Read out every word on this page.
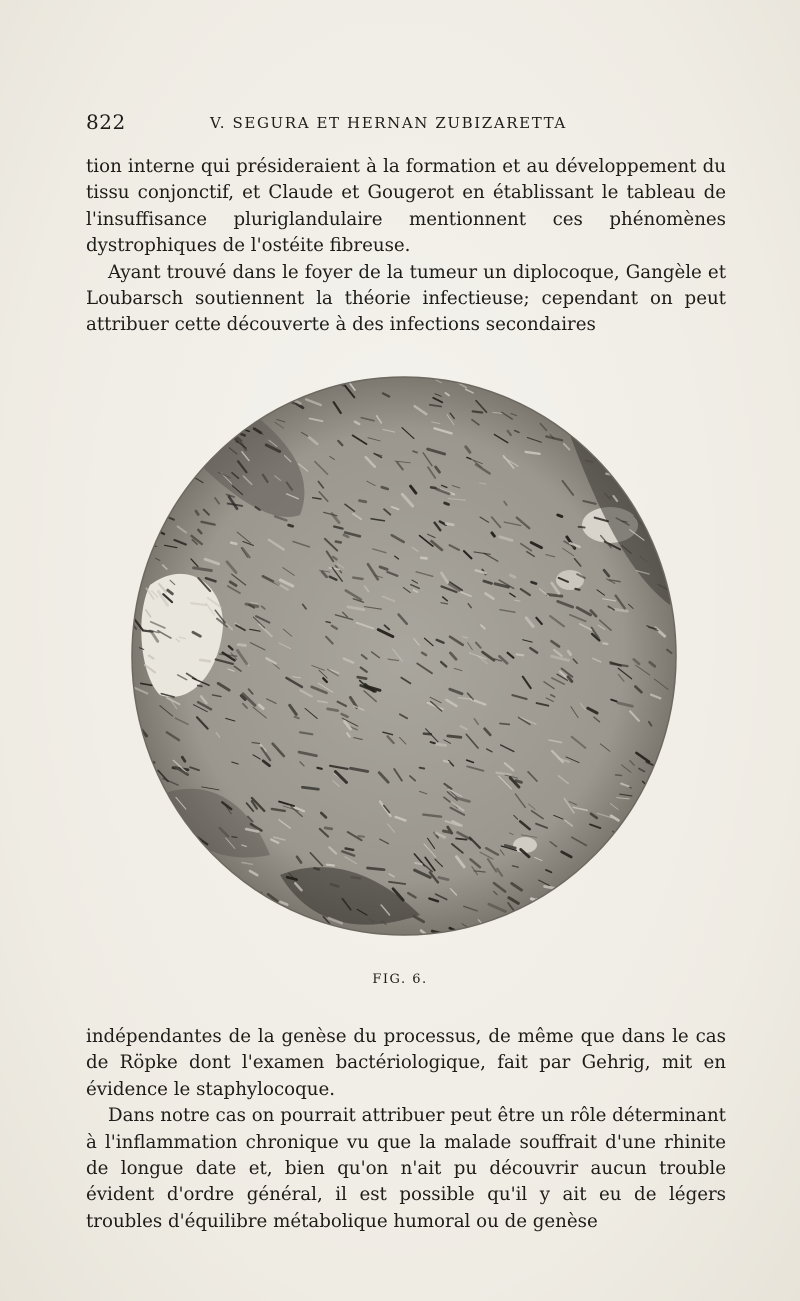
822	V. SEGURA ET HERNAN ZUBIZARETTA

tion interne qui présideraient à la formation et au développement du tissu conjonctif, et Claude et Gougerot en établissant le tableau de l'insuffisance pluriglandulaire mentionnent ces phénomènes dystrophiques de l'ostéite fibreuse.

Ayant trouvé dans le foyer de la tumeur un diplocoque, Gangèle et Loubarsch soutiennent la théorie infectieuse; cependant on peut attribuer cette découverte à des infections secondaires

FIG. 6.

indépendantes de la genèse du processus, de même que dans le cas de Röpke dont l'examen bactériologique, fait par Gehrig, mit en évidence le staphylocoque.

Dans notre cas on pourrait attribuer peut être un rôle déterminant à l'inflammation chronique vu que la malade souffrait d'une rhinite de longue date et, bien qu'on n'ait pu découvrir aucun trouble évident d'ordre général, il est possible qu'il y ait eu de légers troubles d'équilibre métabolique humoral ou de genèse
